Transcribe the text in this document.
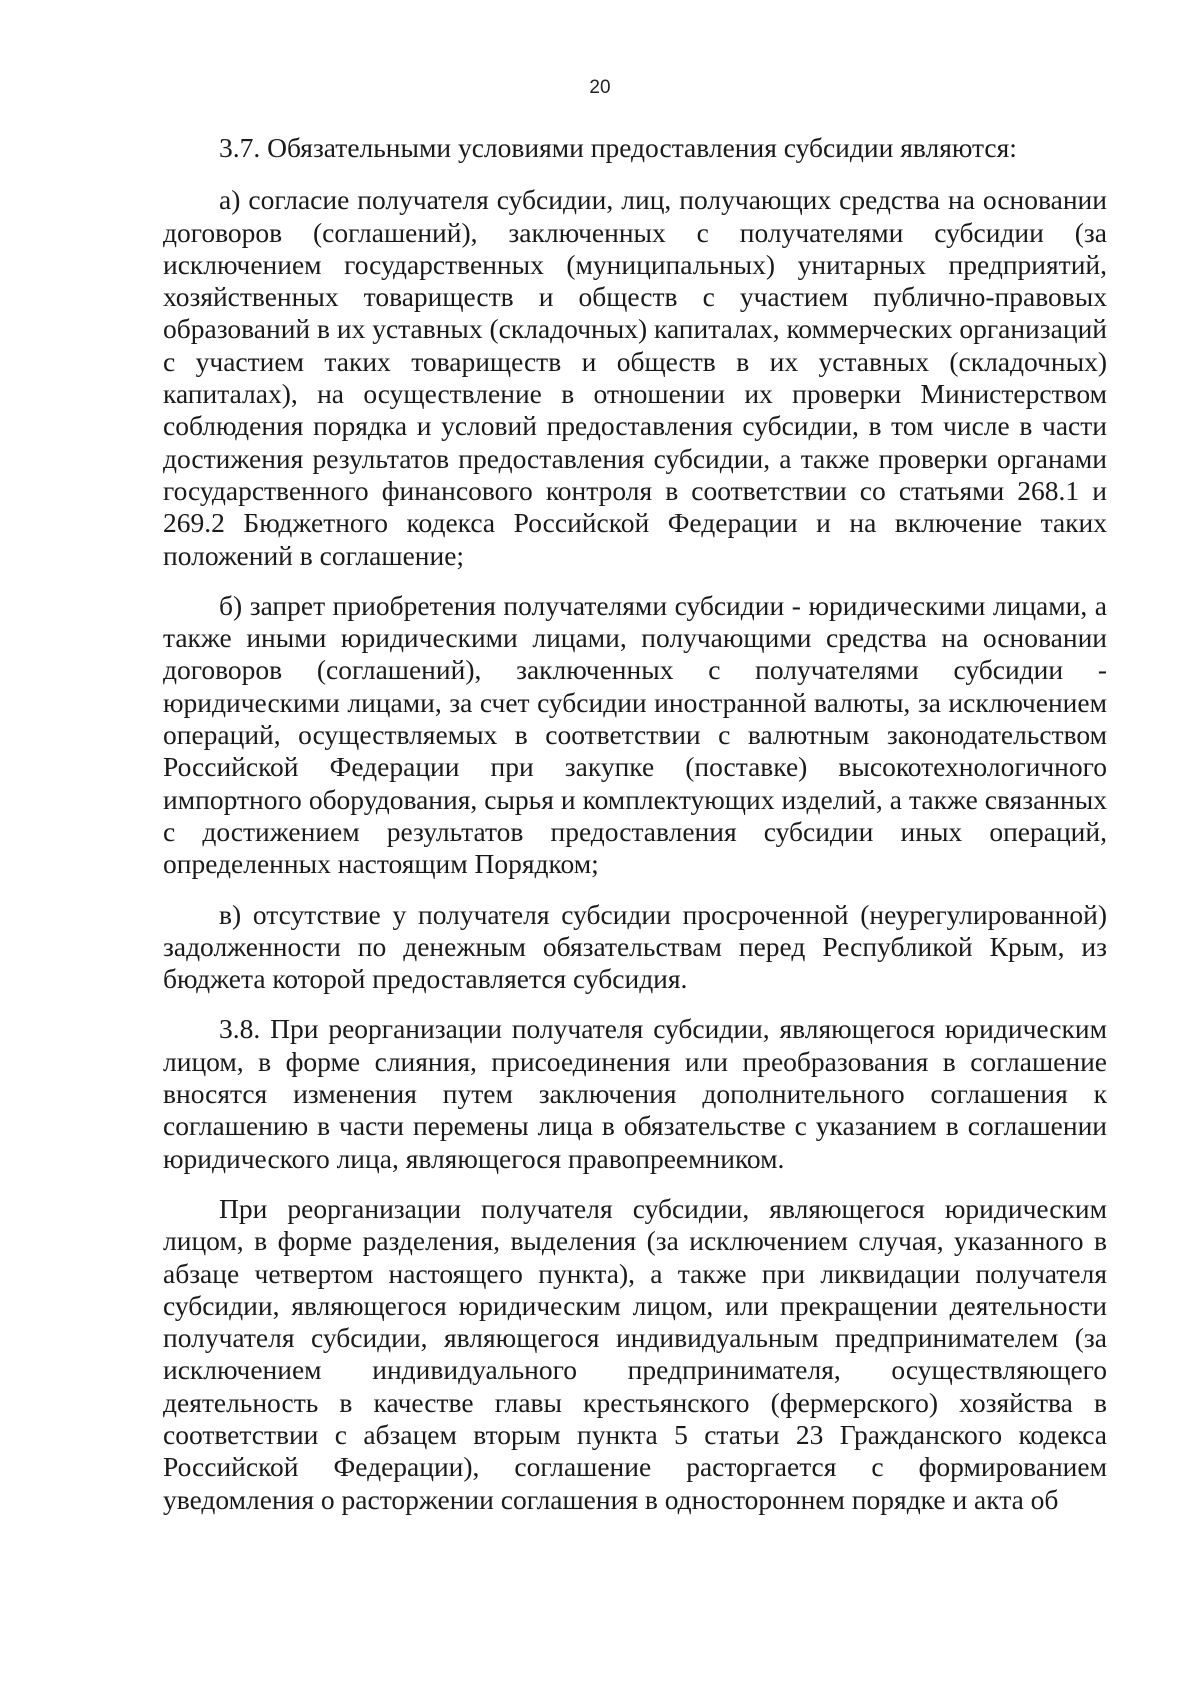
20

3.7. Обязательными условиями предоставления субсидии являются:

а) согласие получателя субсидии, лиц, получающих средства на основании договоров (соглашений), заключенных с получателями субсидии (за исключением государственных (муниципальных) унитарных предприятий, хозяйственных товариществ и обществ с участием публично-правовых образований в их уставных (складочных) капиталах, коммерческих организаций с участием таких товариществ и обществ в их уставных (складочных) капиталах), на осуществление в отношении их проверки Министерством соблюдения порядка и условий предоставления субсидии, в том числе в части достижения результатов предоставления субсидии, а также проверки органами государственного финансового контроля в соответствии со статьями 268.1 и 269.2 Бюджетного кодекса Российской Федерации и на включение таких положений в соглашение;

б) запрет приобретения получателями субсидии - юридическими лицами, а также иными юридическими лицами, получающими средства на основании договоров (соглашений), заключенных с получателями субсидии - юридическими лицами, за счет субсидии иностранной валюты, за исключением операций, осуществляемых в соответствии с валютным законодательством Российской Федерации при закупке (поставке) высокотехнологичного импортного оборудования, сырья и комплектующих изделий, а также связанных с достижением результатов предоставления субсидии иных операций, определенных настоящим Порядком;

в) отсутствие у получателя субсидии просроченной (неурегулированной) задолженности по денежным обязательствам перед Республикой Крым, из бюджета которой предоставляется субсидия.

3.8. При реорганизации получателя субсидии, являющегося юридическим лицом, в форме слияния, присоединения или преобразования в соглашение вносятся изменения путем заключения дополнительного соглашения к соглашению в части перемены лица в обязательстве с указанием в соглашении юридического лица, являющегося правопреемником.

При реорганизации получателя субсидии, являющегося юридическим лицом, в форме разделения, выделения (за исключением случая, указанного в абзаце четвертом настоящего пункта), а также при ликвидации получателя субсидии, являющегося юридическим лицом, или прекращении деятельности получателя субсидии, являющегося индивидуальным предпринимателем (за исключением индивидуального предпринимателя, осуществляющего деятельность в качестве главы крестьянского (фермерского) хозяйства в соответствии с абзацем вторым пункта 5 статьи 23 Гражданского кодекса Российской Федерации), соглашение расторгается с формированием уведомления о расторжении соглашения в одностороннем порядке и акта об
